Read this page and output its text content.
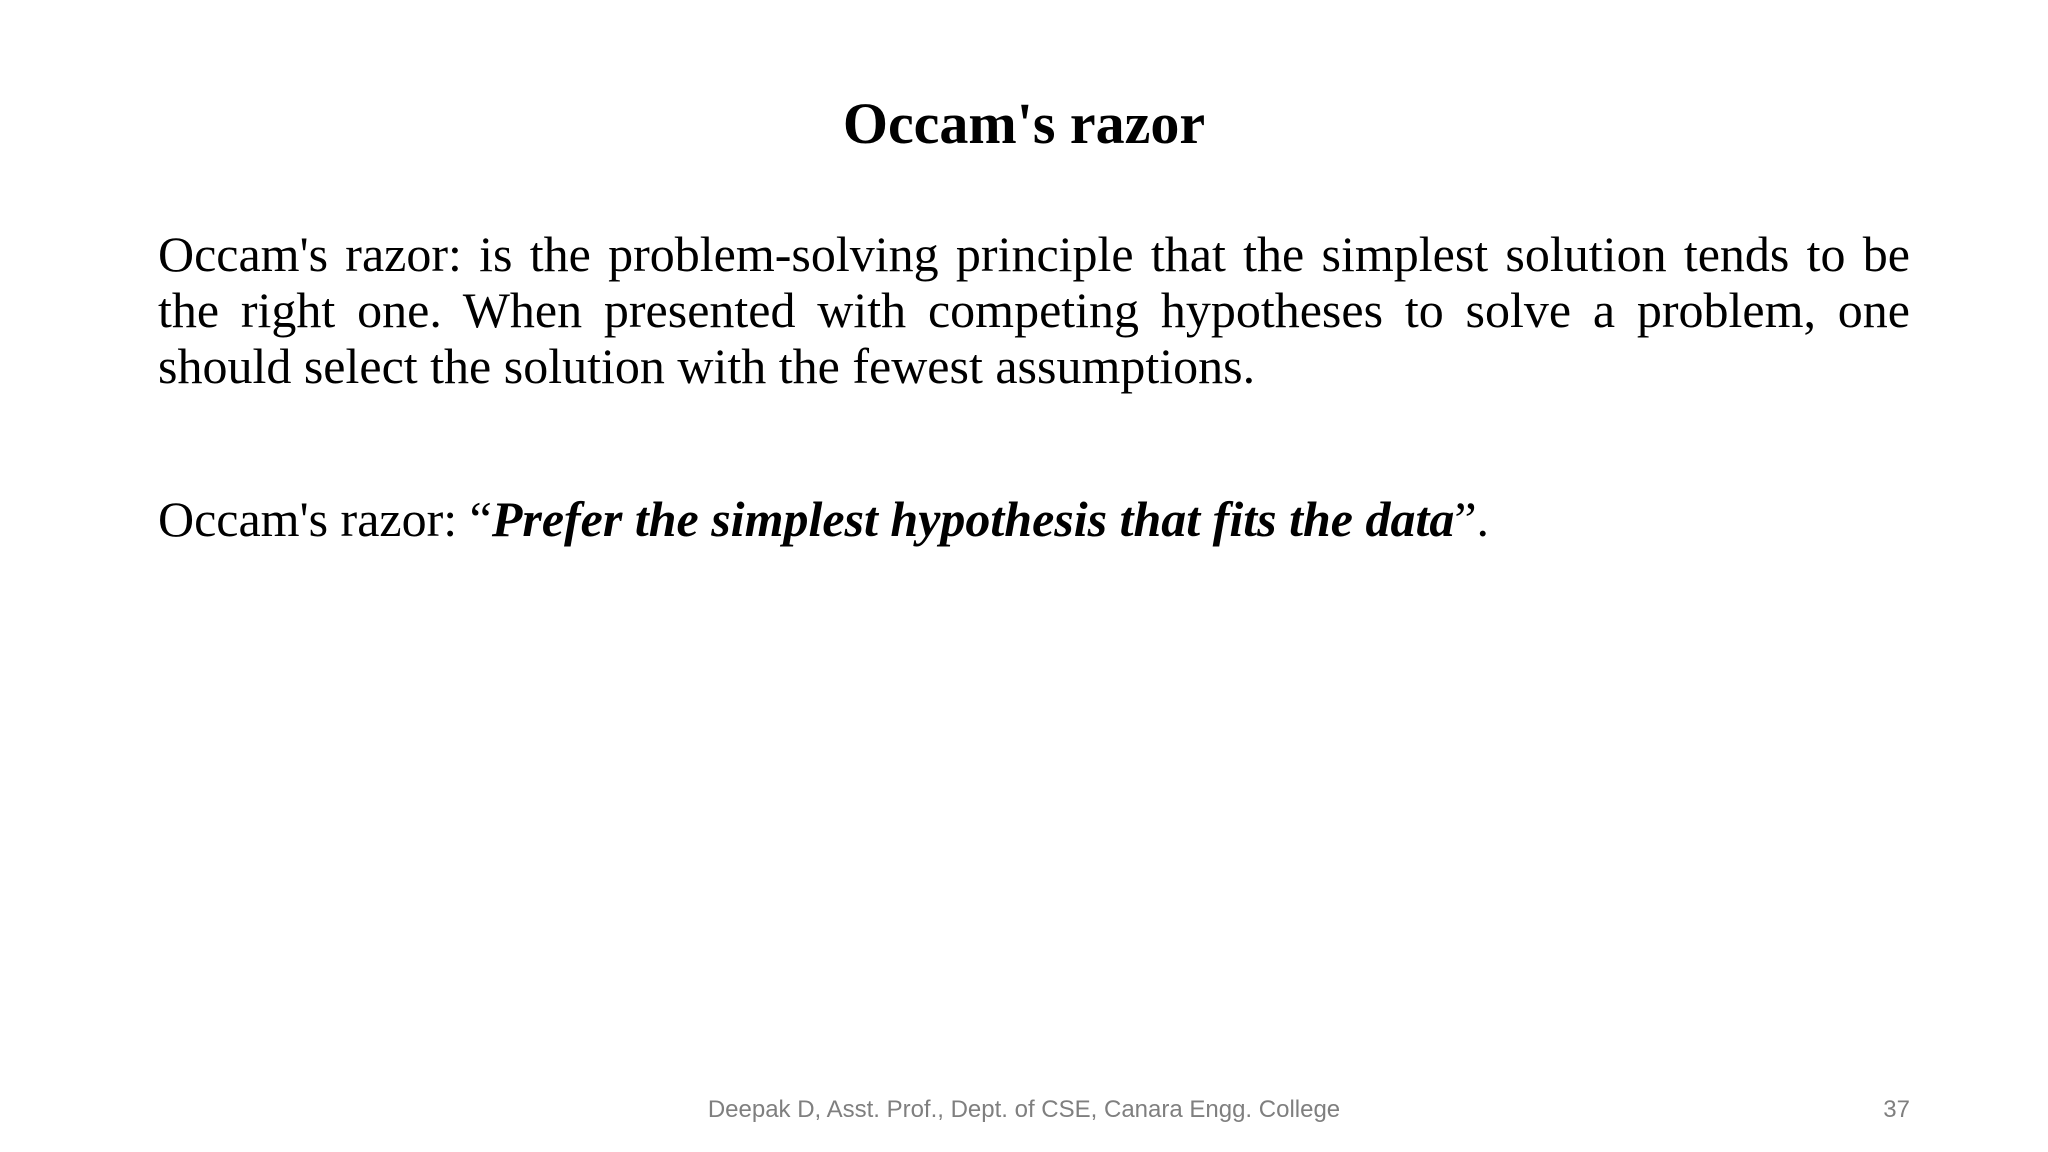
Occam's razor

Occam's razor: is the problem-solving principle that the simplest solution tends to be the right one. When presented with competing hypotheses to solve a problem, one should select the solution with the fewest assumptions.

Occam's razor: “Prefer the simplest hypothesis that fits the data”.

Deepak D, Asst. Prof., Dept. of CSE, Canara Engg. College	37
